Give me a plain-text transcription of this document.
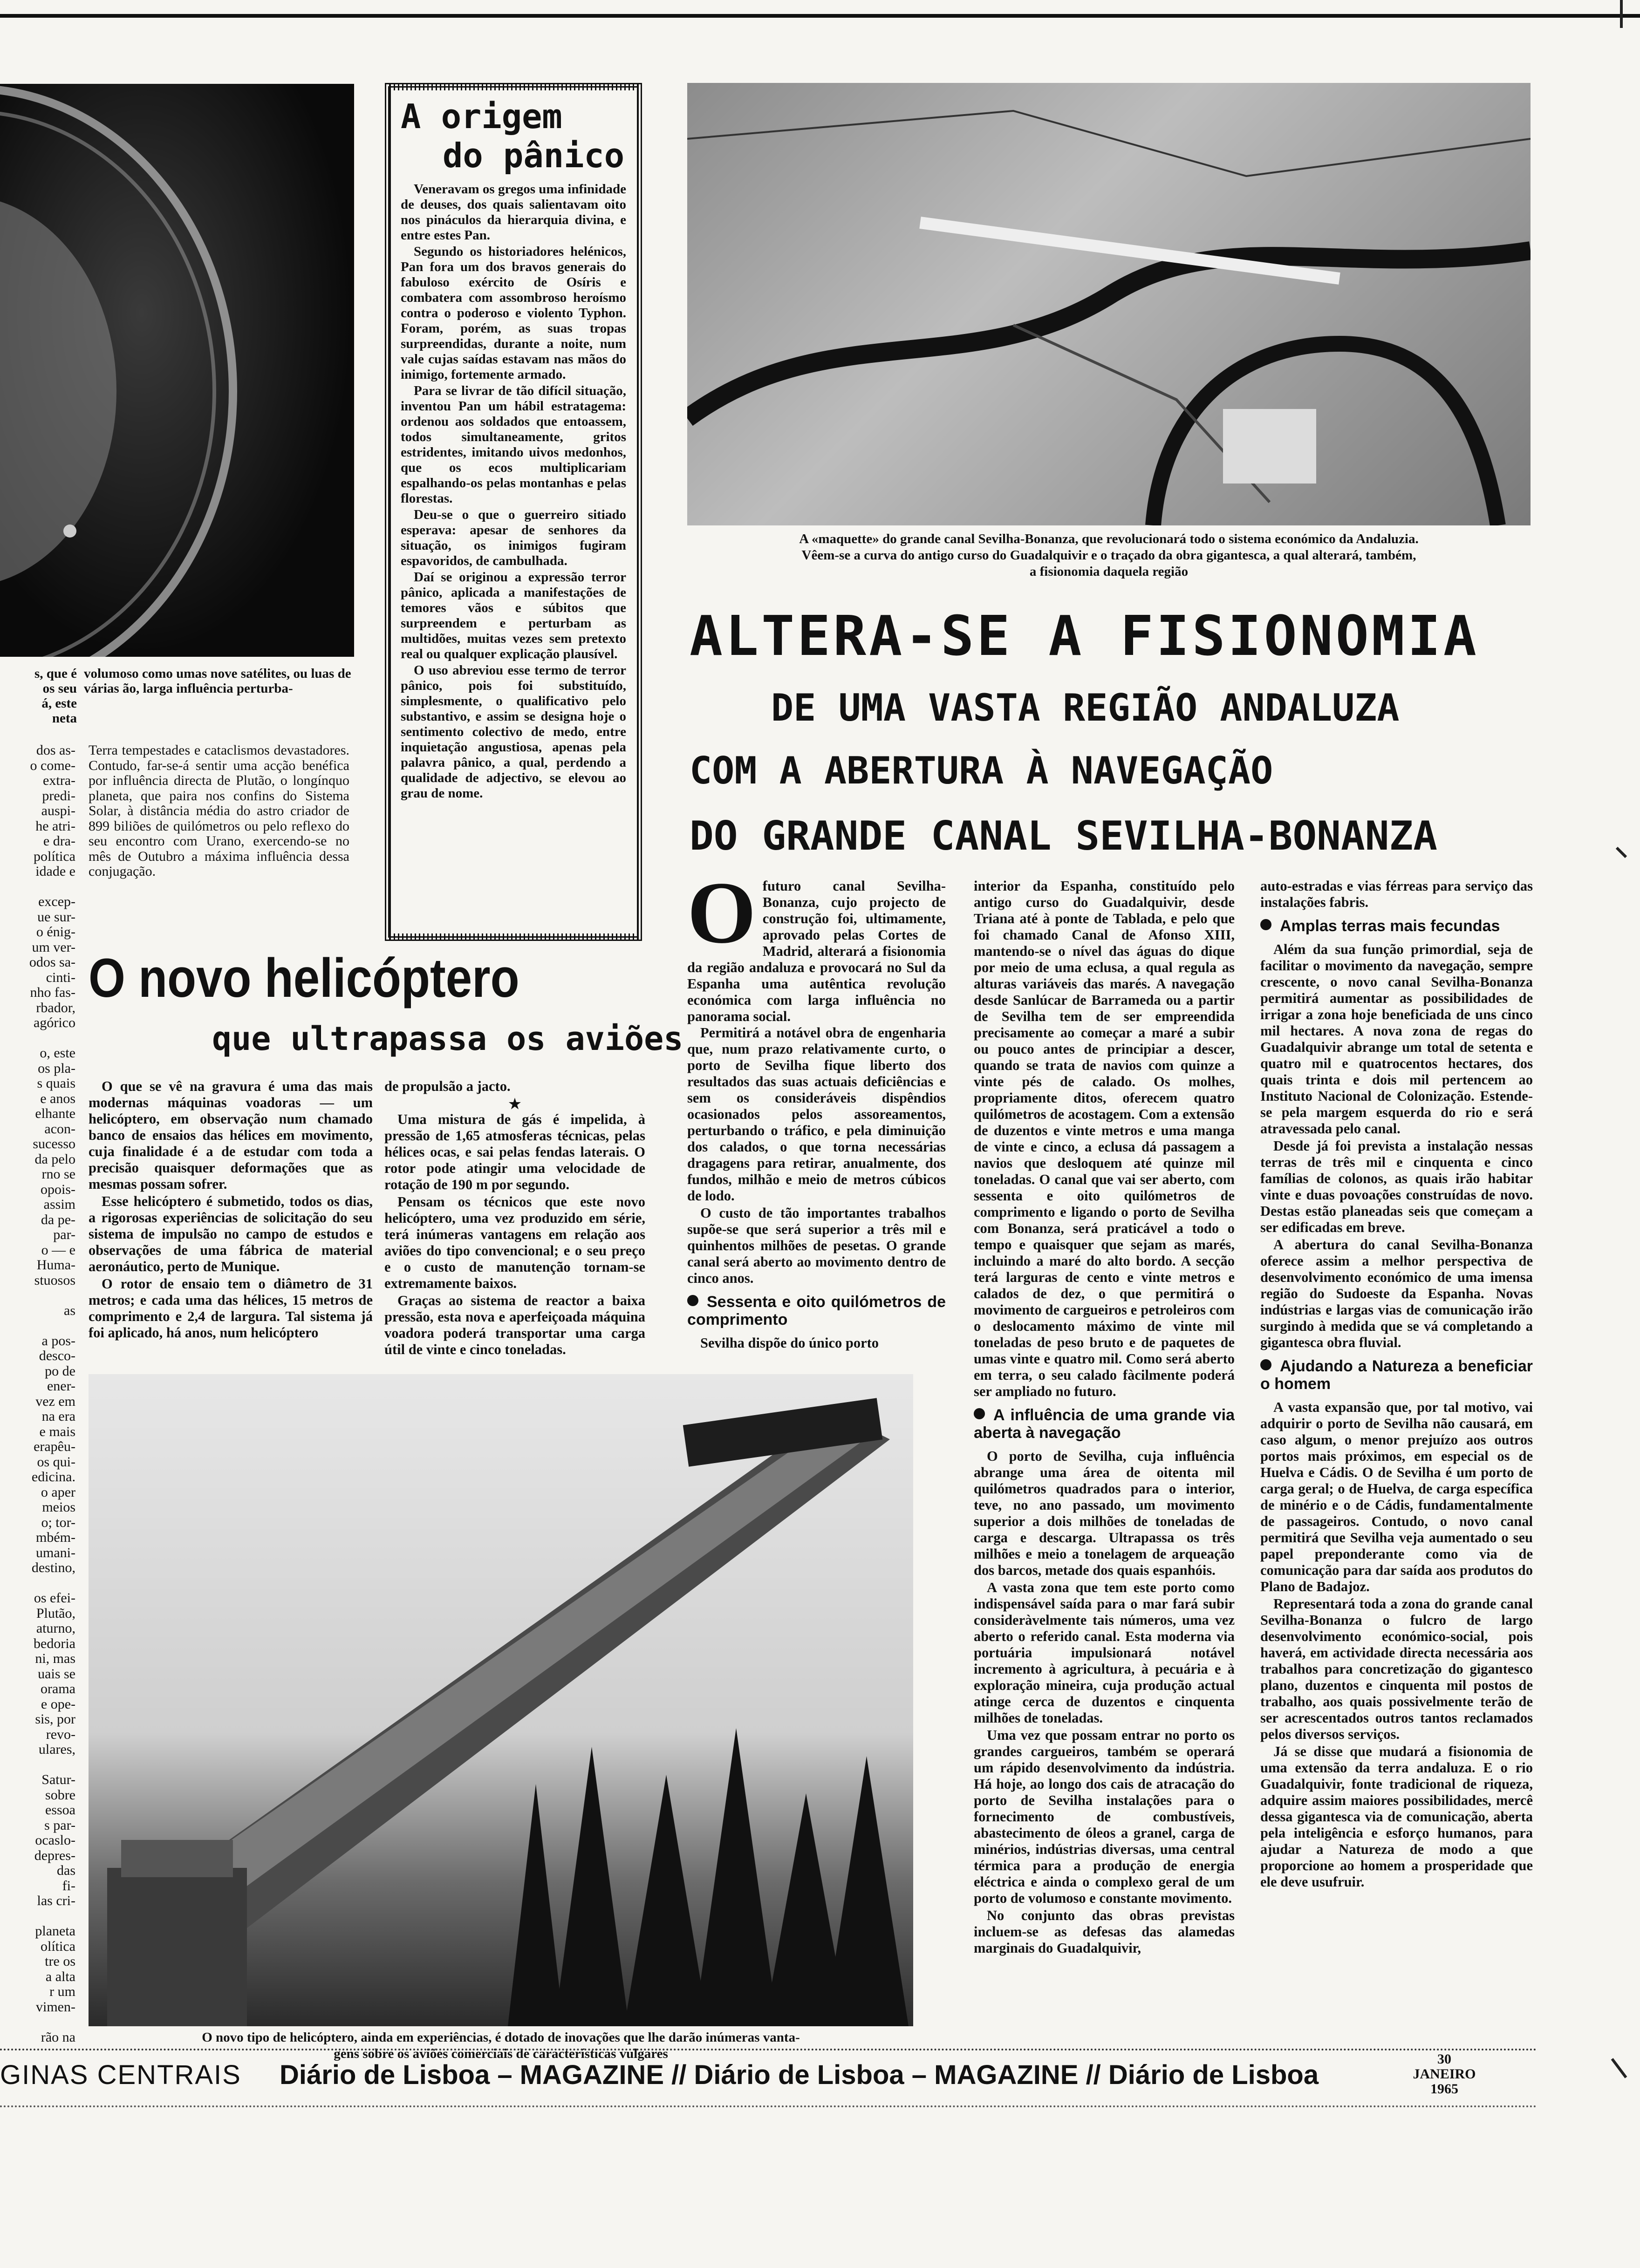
s, que é
os seu
á, este
neta
volumoso como umas nove satélites, ou luas de várias ão, larga influência perturba-
dos as-
o come-
extra-
predi-
auspi-
he atri-
e dra-
política
idade e
excep-
ue sur-
o énig-
um ver-
odos sa-
cinti-
nho fas-
rbador,
agórico
o, este
os pla-
s quais
e anos
elhante
acon-
sucesso
da pelo
rno se
opois-
assim
da pe-
par-
o — e
Huma-
stuosos
as
a pos-
desco-
po de
ener-
vez em
na era
e mais
erapêu-
os qui-
edicina.
o aper
meios
o; tor-
mbém-
umani-
destino,
os efei-
Plutão,
aturno,
bedoria
ni, mas
uais se
orama
e ope-
sis, por
revo-
ulares,
Satur-
sobre
essoa
s par-
ocaslo-
depres-
das
fi-
las cri-
planeta
olítica
tre os
a alta
r um
vimen-
rão na
Terra tempestades e cataclismos devastadores. Contudo, far-se-á sentir uma acção benéfica por influência directa de Plutão, o longínquo planeta, que paira nos confins do Sistema Solar, à distância média do astro criador de 899 biliões de quilómetros ou pelo reflexo do seu encontro com Urano, exercendo-se no mês de Outubro a máxima influência dessa conjugação.
A origem
do pânico

Veneravam os gregos uma infinidade de deuses, dos quais salientavam oito nos pináculos da hierarquia divina, e entre estes Pan.

Segundo os historiadores helénicos, Pan fora um dos bravos generais do fabuloso exército de Osíris e combatera com assombroso heroísmo contra o poderoso e violento Typhon. Foram, porém, as suas tropas surpreendidas, durante a noite, num vale cujas saídas estavam nas mãos do inimigo, fortemente armado.

Para se livrar de tão difícil situação, inventou Pan um hábil estratagema: ordenou aos soldados que entoassem, todos simultaneamente, gritos estridentes, imitando uivos medonhos, que os ecos multiplicariam espalhando-os pelas montanhas e pelas florestas.

Deu-se o que o guerreiro sitiado esperava: apesar de senhores da situação, os inimigos fugiram espavoridos, de cambulhada.

Daí se originou a expressão terror pânico, aplicada a manifestações de temores vãos e súbitos que surpreendem e perturbam as multidões, muitas vezes sem pretexto real ou qualquer explicação plausível.

O uso abreviou esse termo de terror pânico, pois foi substituído, simplesmente, o qualificativo pelo substantivo, e assim se designa hoje o sentimento colectivo de medo, entre inquietação angustiosa, apenas pela palavra pânico, a qual, perdendo a qualidade de adjectivo, se elevou ao grau de nome.

O novo helicóptero
que ultrapassa os aviões

O que se vê na gravura é uma das mais modernas máquinas voadoras — um helicóptero, em observação num chamado banco de ensaios das hélices em movimento, cuja finalidade é a de estudar com toda a precisão quaisquer deformações que as mesmas possam sofrer.

Esse helicóptero é submetido, todos os dias, a rigorosas experiências de solicitação do seu sistema de impulsão no campo de estudos e observações de uma fábrica de material aeronáutico, perto de Munique.

O rotor de ensaio tem o diâmetro de 31 metros; e cada uma das hélices, 15 metros de comprimento e 2,4 de largura. Tal sistema já foi aplicado, há anos, num helicóptero

de propulsão a jacto.
★

Uma mistura de gás é impelida, à pressão de 1,65 atmosferas técnicas, pelas hélices ocas, e sai pelas fendas laterais. O rotor pode atingir uma velocidade de rotação de 190 m por segundo.

Pensam os técnicos que este novo helicóptero, uma vez produzido em série, terá inúmeras vantagens em relação aos aviões do tipo convencional; e o seu preço e o custo de manutenção tornam-se extremamente baixos.

Graças ao sistema de reactor a baixa pressão, esta nova e aperfeiçoada máquina voadora poderá transportar uma carga útil de vinte e cinco toneladas.

O novo tipo de helicóptero, ainda em experiências, é dotado de inovações que lhe darão inúmeras vanta-
gens sobre os aviões comerciais de características vulgares
A «maquette» do grande canal Sevilha-Bonanza, que revolucionará todo o sistema económico da Andaluzia.
Vêem-se a curva do antigo curso do Guadalquivir e o traçado da obra gigantesca, a qual alterará, também,
a fisionomia daquela região
ALTERA-SE A FISIONOMIA
DE UMA VASTA REGIÃO ANDALUZA
COM A ABERTURA À NAVEGAÇÃO
DO GRANDE CANAL SEVILHA-BONANZA
O futuro canal Sevilha-Bonanza, cujo projecto de construção foi, ultimamente, aprovado pelas Cortes de Madrid, alterará a fisionomia da região andaluza e provocará no Sul da Espanha uma autêntica revolução económica com larga influência no panorama social.

Permitirá a notável obra de engenharia que, num prazo relativamente curto, o porto de Sevilha fique liberto dos resultados das suas actuais deficiências e sem os consideráveis dispêndios ocasionados pelos assoreamentos, perturbando o tráfico, e pela diminuição dos calados, o que torna necessárias dragagens para retirar, anualmente, dos fundos, milhão e meio de metros cúbicos de lodo.

O custo de tão importantes trabalhos supõe-se que será superior a três mil e quinhentos milhões de pesetas. O grande canal será aberto ao movimento dentro de cinco anos.

Sessenta e oito quilómetros de comprimento

Sevilha dispõe do único porto

interior da Espanha, constituído pelo antigo curso do Guadalquivir, desde Triana até à ponte de Tablada, e pelo que foi chamado Canal de Afonso XIII, mantendo-se o nível das águas do dique por meio de uma eclusa, a qual regula as alturas variáveis das marés. A navegação desde Sanlúcar de Barrameda ou a partir de Sevilha tem de ser empreendida precisamente ao começar a maré a subir ou pouco antes de principiar a descer, quando se trata de navios com quinze a vinte pés de calado. Os molhes, propriamente ditos, oferecem quatro quilómetros de acostagem. Com a extensão de duzentos e vinte metros e uma manga de vinte e cinco, a eclusa dá passagem a navios que desloquem até quinze mil toneladas. O canal que vai ser aberto, com sessenta e oito quilómetros de comprimento e ligando o porto de Sevilha com Bonanza, será praticável a todo o tempo e quaisquer que sejam as marés, incluindo a maré do alto bordo. A secção terá larguras de cento e vinte metros e calados de dez, o que permitirá o movimento de cargueiros e petroleiros com o deslocamento máximo de vinte mil toneladas de peso bruto e de paquetes de umas vinte e quatro mil. Como será aberto em terra, o seu calado fàcilmente poderá ser ampliado no futuro.

A influência de uma grande via aberta à navegação

O porto de Sevilha, cuja influência abrange uma área de oitenta mil quilómetros quadrados para o interior, teve, no ano passado, um movimento superior a dois milhões de toneladas de carga e descarga. Ultrapassa os três milhões e meio a tonelagem de arqueação dos barcos, metade dos quais espanhóis.

A vasta zona que tem este porto como indispensável saída para o mar fará subir consideràvelmente tais números, uma vez aberto o referido canal. Esta moderna via portuária impulsionará notável incremento à agricultura, à pecuária e à exploração mineira, cuja produção actual atinge cerca de duzentos e cinquenta milhões de toneladas.

Uma vez que possam entrar no porto os grandes cargueiros, também se operará um rápido desenvolvimento da indústria. Há hoje, ao longo dos cais de atracação do porto de Sevilha instalações para o fornecimento de combustíveis, abastecimento de óleos a granel, carga de minérios, indústrias diversas, uma central térmica para a produção de energia eléctrica e ainda o complexo geral de um porto de volumoso e constante movimento.

No conjunto das obras previstas incluem-se as defesas das alamedas marginais do Guadalquivir,

auto-estradas e vias férreas para serviço das instalações fabris.
Amplas terras mais fecundas

Além da sua função primordial, seja de facilitar o movimento da navegação, sempre crescente, o novo canal Sevilha-Bonanza permitirá aumentar as possibilidades de irrigar a zona hoje beneficiada de uns cinco mil hectares. A nova zona de regas do Guadalquivir abrange um total de setenta e quatro mil e quatrocentos hectares, dos quais trinta e dois mil pertencem ao Instituto Nacional de Colonização. Estende-se pela margem esquerda do rio e será atravessada pelo canal.

Desde já foi prevista a instalação nessas terras de três mil e cinquenta e cinco famílias de colonos, as quais irão habitar vinte e duas povoações construídas de novo. Destas estão planeadas seis que começam a ser edificadas em breve.

A abertura do canal Sevilha-Bonanza oferece assim a melhor perspectiva de desenvolvimento económico de uma imensa região do Sudoeste da Espanha. Novas indústrias e largas vias de comunicação irão surgindo à medida que se vá completando a gigantesca obra fluvial.

Ajudando a Natureza a beneficiar o homem

A vasta expansão que, por tal motivo, vai adquirir o porto de Sevilha não causará, em caso algum, o menor prejuízo aos outros portos mais próximos, em especial os de Huelva e Cádis. O de Sevilha é um porto de carga geral; o de Huelva, de carga específica de minério e o de Cádis, fundamentalmente de passageiros. Contudo, o novo canal permitirá que Sevilha veja aumentado o seu papel preponderante como via de comunicação para dar saída aos produtos do Plano de Badajoz.

Representará toda a zona do grande canal Sevilha-Bonanza o fulcro de largo desenvolvimento económico-social, pois haverá, em actividade directa necessária aos trabalhos para concretização do gigantesco plano, duzentos e cinquenta mil postos de trabalho, aos quais possivelmente terão de ser acrescentados outros tantos reclamados pelos diversos serviços.

Já se disse que mudará a fisionomia de uma extensão da terra andaluza. E o rio Guadalquivir, fonte tradicional de riqueza, adquire assim maiores possibilidades, mercê dessa gigantesca via de comunicação, aberta pela inteligência e esforço humanos, para ajudar a Natureza de modo a que proporcione ao homem a prosperidade que ele deve usufruir.

GINAS CENTRAIS Diário de Lisboa – MAGAZINE // Diário de Lisboa – MAGAZINE // Diário de Lisboa
30
JANEIRO
1965
